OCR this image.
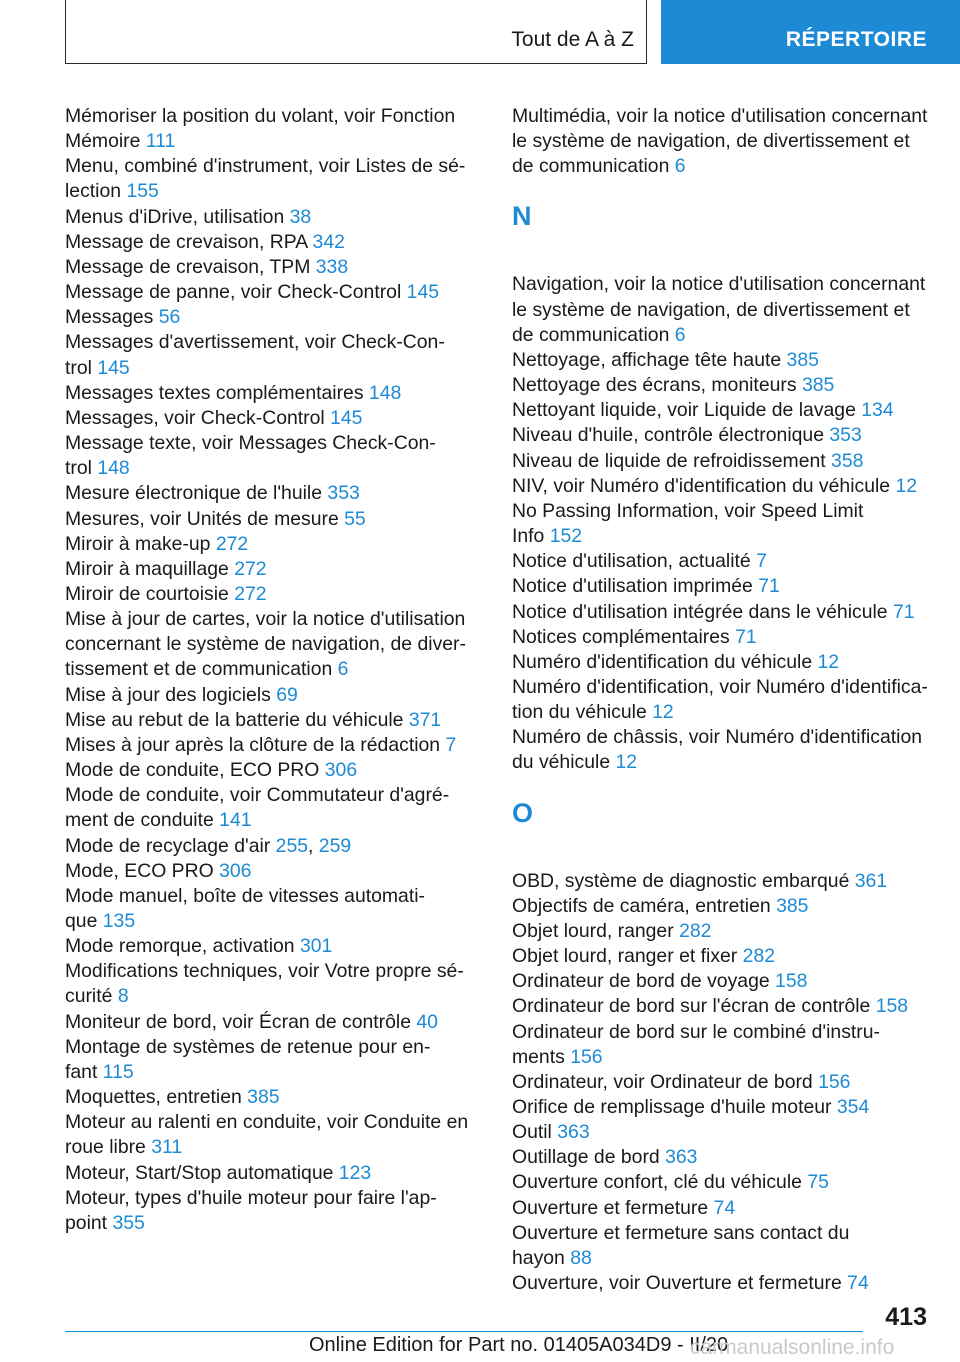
Tout de A à Z	RÉPERTOIRE
Mémoriser la position du volant, voir Fonction
Mémoire 111
Menu, combiné d'instrument, voir Listes de sé-
lection 155
Menus d'iDrive, utilisation 38
Message de crevaison, RPA 342
Message de crevaison, TPM 338
Message de panne, voir Check-Control 145
Messages 56
Messages d'avertissement, voir Check-Con-
trol 145
Messages textes complémentaires 148
Messages, voir Check-Control 145
Message texte, voir Messages Check-Con-
trol 148
Mesure électronique de l'huile 353
Mesures, voir Unités de mesure 55
Miroir à make-up 272
Miroir à maquillage 272
Miroir de courtoisie 272
Mise à jour de cartes, voir la notice d'utilisation
concernant le système de navigation, de diver-
tissement et de communication 6
Mise à jour des logiciels 69
Mise au rebut de la batterie du véhicule 371
Mises à jour après la clôture de la rédaction 7
Mode de conduite, ECO PRO 306
Mode de conduite, voir Commutateur d'agré-
ment de conduite 141
Mode de recyclage d'air 255, 259
Mode, ECO PRO 306
Mode manuel, boîte de vitesses automati-
que 135
Mode remorque, activation 301
Modifications techniques, voir Votre propre sé-
curité 8
Moniteur de bord, voir Écran de contrôle 40
Montage de systèmes de retenue pour en-
fant 115
Moquettes, entretien 385
Moteur au ralenti en conduite, voir Conduite en
roue libre 311
Moteur, Start/Stop automatique 123
Moteur, types d'huile moteur pour faire l'ap-
point 355
Multimédia, voir la notice d'utilisation concernant
le système de navigation, de divertissement et
de communication 6
N
Navigation, voir la notice d'utilisation concernant
le système de navigation, de divertissement et
de communication 6
Nettoyage, affichage tête haute 385
Nettoyage des écrans, moniteurs 385
Nettoyant liquide, voir Liquide de lavage 134
Niveau d'huile, contrôle électronique 353
Niveau de liquide de refroidissement 358
NIV, voir Numéro d'identification du véhicule 12
No Passing Information, voir Speed Limit
Info 152
Notice d'utilisation, actualité 7
Notice d'utilisation imprimée 71
Notice d'utilisation intégrée dans le véhicule 71
Notices complémentaires 71
Numéro d'identification du véhicule 12
Numéro d'identification, voir Numéro d'identifica-
tion du véhicule 12
Numéro de châssis, voir Numéro d'identification
du véhicule 12
O
OBD, système de diagnostic embarqué 361
Objectifs de caméra, entretien 385
Objet lourd, ranger 282
Objet lourd, ranger et fixer 282
Ordinateur de bord de voyage 158
Ordinateur de bord sur l'écran de contrôle 158
Ordinateur de bord sur le combiné d'instru-
ments 156
Ordinateur, voir Ordinateur de bord 156
Orifice de remplissage d'huile moteur 354
Outil 363
Outillage de bord 363
Ouverture confort, clé du véhicule 75
Ouverture et fermeture 74
Ouverture et fermeture sans contact du
hayon 88
Ouverture, voir Ouverture et fermeture 74
413
Online Edition for Part no. 01405A034D9 - II/20
carmanualsonline.info
